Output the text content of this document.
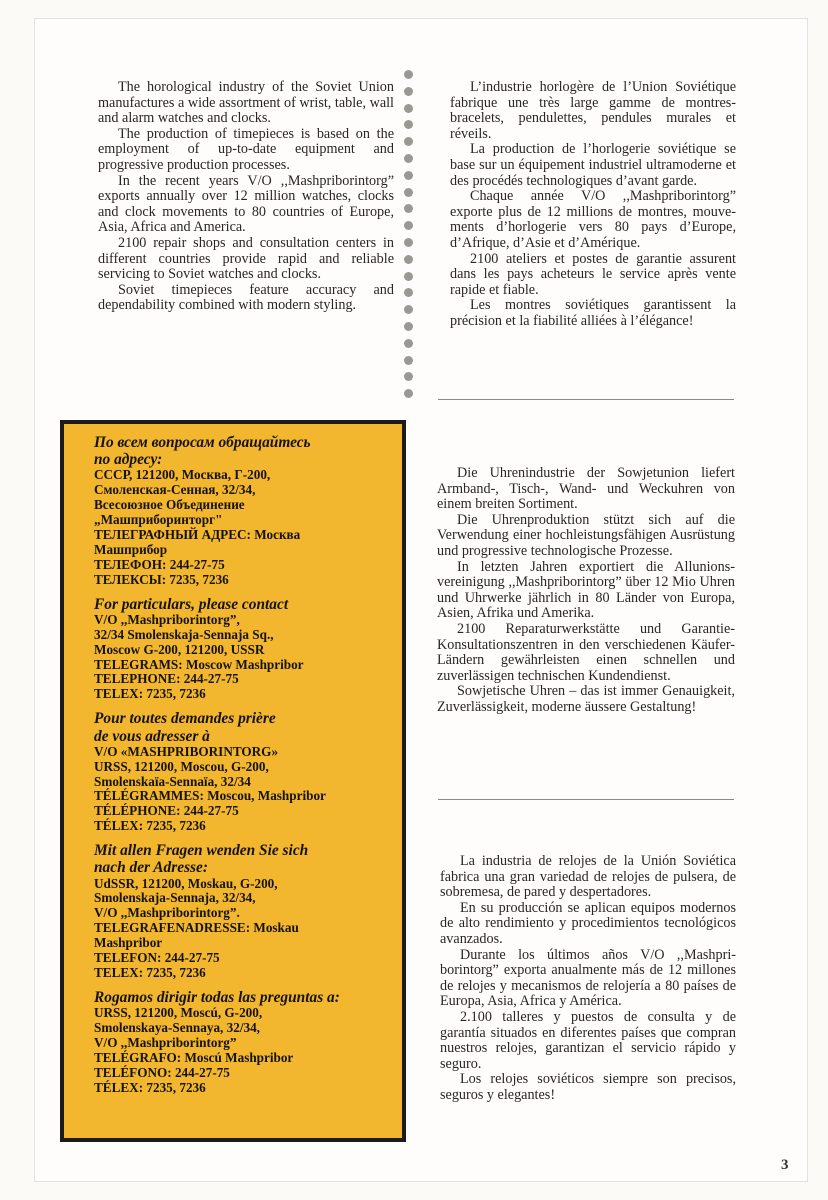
The horological industry of the Soviet Union manufactures a wide assortment of wrist, table, wall and alarm watches and clocks.

The production of timepieces is based on the employment of up-to-date equipment and progressive production processes.

In the recent years V/O ,,Mashpriborintorg” exports annually over 12 million watches, clocks and clock movements to 80 countries of Europe, Asia, Africa and America.

2100 repair shops and consultation centers in different countries provide rapid and reliable servicing to Soviet watches and clocks.

Soviet timepieces feature accuracy and dependability combined with modern styling.

L’industrie horlogère de l’Union Soviétique fabrique une très large gamme de montres-bracelets, pendulettes, pendules murales et réveils.

La production de l’horlogerie soviétique se base sur un équipement industriel ultramoderne et des procédés technologiques d’avant garde.

Chaque année V/O ,,Mashpriborintorg” exporte plus de 12 millions de montres, mouvements d’horlogerie vers 80 pays d’Europe, d’Afrique, d’Asie et d’Amérique.

2100 ateliers et postes de garantie assurent dans les pays acheteurs le service après vente rapide et fiable.

Les montres soviétiques garantissent la précision et la fiabilité alliées à l’élégance!

Die Uhrenindustrie der Sowjetunion liefert Armband-, Tisch-, Wand- und Weckuhren von einem breiten Sortiment.

Die Uhrenproduktion stützt sich auf die Verwendung einer hochleistungsfähigen Ausrüstung und progressive technologische Prozesse.

In letzten Jahren exportiert die Allunionsvereinigung ,,Mashpriborintorg” über 12 Mio Uhren und Uhrwerke jährlich in 80 Länder von Europa, Asien, Afrika und Amerika.

2100 Reparaturwerkstätte und Garantie-Konsultationszentren in den verschiedenen Käufer-Ländern gewährleisten einen schnellen und zuverlässigen technischen Kundendienst.

Sowjetische Uhren – das ist immer Genauigkeit, Zuverlässigkeit, moderne äussere Gestaltung!

La industria de relojes de la Unión Soviética fabrica una gran variedad de relojes de pulsera, de sobremesa, de pared y despertadores.

En su producción se aplican equipos modernos de alto rendimiento y procedimientos tecnológicos avanzados.

Durante los últimos años V/O ,,Mashpriborintorg” exporta anualmente más de 12 millones de relojes y mecanismos de relojería a 80 países de Europa, Asia, Africa y América.

2.100 talleres y puestos de consulta y de garantía situados en diferentes países que compran nuestros relojes, garantizan el servicio rápido y seguro.

Los relojes soviéticos siempre son precisos, seguros y elegantes!

По всем вопросам обращайтесь

по адресу:

СССР, 121200, Москва, Г-200,

Смоленская-Сенная, 32/34,

Всесоюзное Объединение

„Машприборинторг"

ТЕЛЕГРАФНЫЙ АДРЕС: Москва

Машприбор

ТЕЛЕФОН: 244-27-75

ТЕЛЕКСЫ: 7235, 7236

For particulars, please contact

V/O ,,Mashpriborintorg”,

32/34 Smolenskaja-Sennaja Sq.,

Moscow G-200, 121200, USSR

TELEGRAMS: Moscow Mashpribor

TELEPHONE: 244-27-75

TELEX: 7235, 7236

Pour toutes demandes prière

de vous adresser à

V/O «MASHPRIBORINTORG»

URSS, 121200, Moscou, G-200,

Smolenskaïa-Sennaïa, 32/34

TÉLÉGRAMMES: Moscou, Mashpribor

TÉLÉPHONE: 244-27-75

TÉLEX: 7235, 7236

Mit allen Fragen wenden Sie sich

nach der Adresse:

UdSSR, 121200, Moskau, G-200,

Smolenskaja-Sennaja, 32/34,

V/O ,,Mashpriborintorg”.

TELEGRAFENADRESSE: Moskau

Mashpribor

TELEFON: 244-27-75

TELEX: 7235, 7236

Rogamos dirigir todas las preguntas a:

URSS, 121200, Moscú, G-200,

Smolenskaya-Sennaya, 32/34,

V/O ,,Mashpriborintorg”

TELÉGRAFO: Moscú Mashpribor

TELÉFONO: 244-27-75

TÉLEX: 7235, 7236

3
